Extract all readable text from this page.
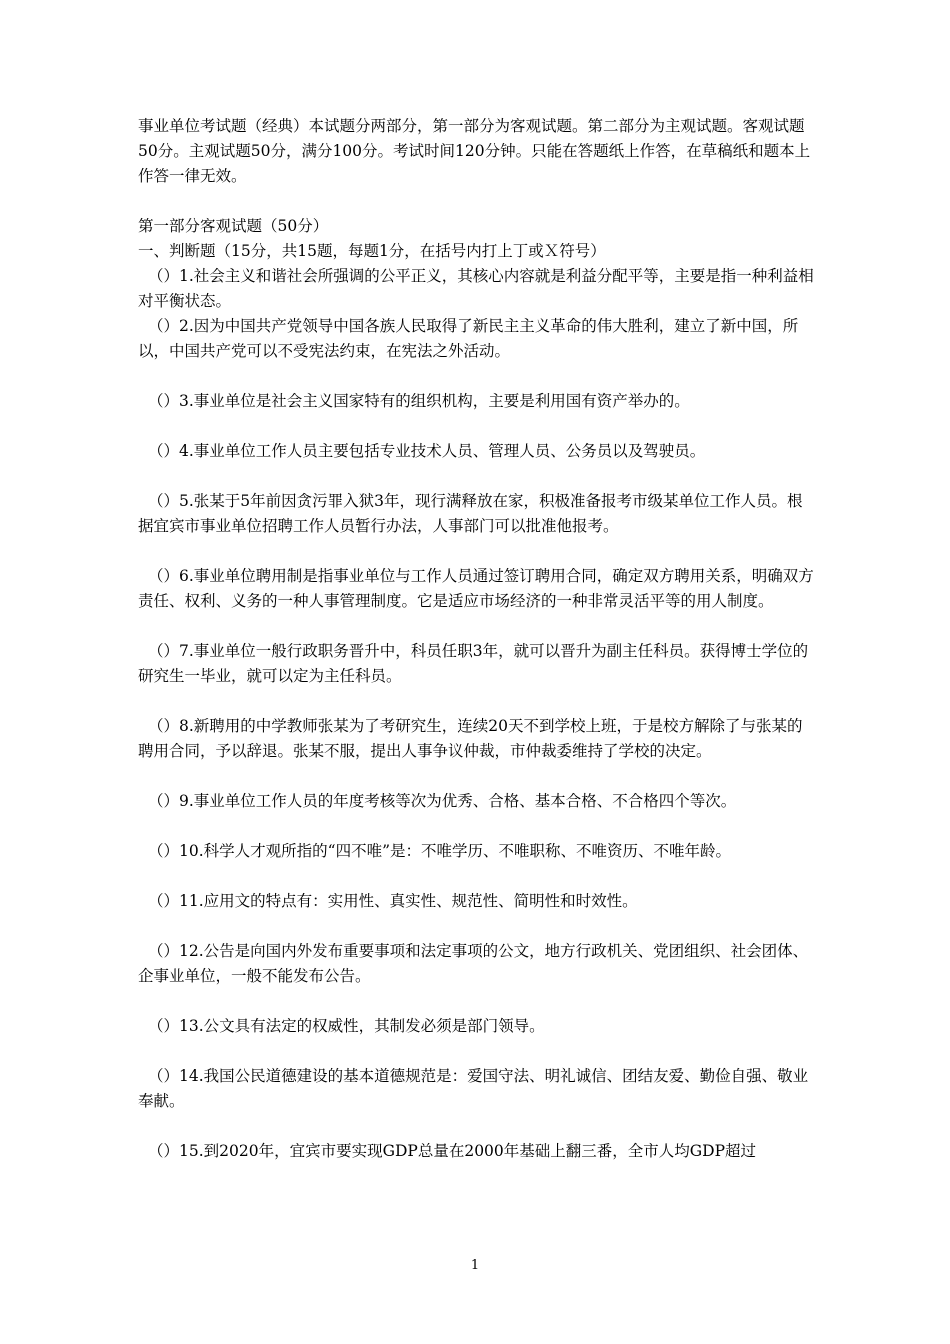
事业单位考试题（经典）本试题分两部分，第一部分为客观试题。第二部分为主观试题。客观试题50分。主观试题50分，满分100分。考试时间120分钟。只能在答题纸上作答，在草稿纸和题本上作答一律无效。

第一部分客观试题（50分）

一、判断题（15分，共15题，每题1分，在括号内打上丁或Ｘ符号）

（）1.社会主义和谐社会所强调的公平正义，其核心内容就是利益分配平等，主要是指一种利益相对平衡状态。

（）2.因为中国共产党领导中国各族人民取得了新民主主义革命的伟大胜利，建立了新中国，所以，中国共产党可以不受宪法约束，在宪法之外活动。

（）3.事业单位是社会主义国家特有的组织机构，主要是利用国有资产举办的。

（）4.事业单位工作人员主要包括专业技术人员、管理人员、公务员以及驾驶员。

（）5.张某于5年前因贪污罪入狱3年，现行满释放在家，积极准备报考市级某单位工作人员。根据宜宾市事业单位招聘工作人员暂行办法，人事部门可以批准他报考。

（）6.事业单位聘用制是指事业单位与工作人员通过签订聘用合同，确定双方聘用关系，明确双方责任、权利、义务的一种人事管理制度。它是适应市场经济的一种非常灵活平等的用人制度。

（）7.事业单位一般行政职务晋升中，科员任职3年，就可以晋升为副主任科员。获得博士学位的研究生一毕业，就可以定为主任科员。

（）8.新聘用的中学教师张某为了考研究生，连续20天不到学校上班，于是校方解除了与张某的聘用合同，予以辞退。张某不服，提出人事争议仲裁，市仲裁委维持了学校的决定。

（）9.事业单位工作人员的年度考核等次为优秀、合格、基本合格、不合格四个等次。

（）10.科学人才观所指的“四不唯”是：不唯学历、不唯职称、不唯资历、不唯年龄。

（）11.应用文的特点有：实用性、真实性、规范性、简明性和时效性。

（）12.公告是向国内外发布重要事项和法定事项的公文，地方行政机关、党团组织、社会团体、企事业单位，一般不能发布公告。

（）13.公文具有法定的权威性，其制发必须是部门领导。

（）14.我国公民道德建设的基本道德规范是：爱国守法、明礼诚信、团结友爱、勤俭自强、敬业奉献。

（）15.到2020年，宜宾市要实现GDP总量在2000年基础上翻三番，全市人均GDP超过

1
